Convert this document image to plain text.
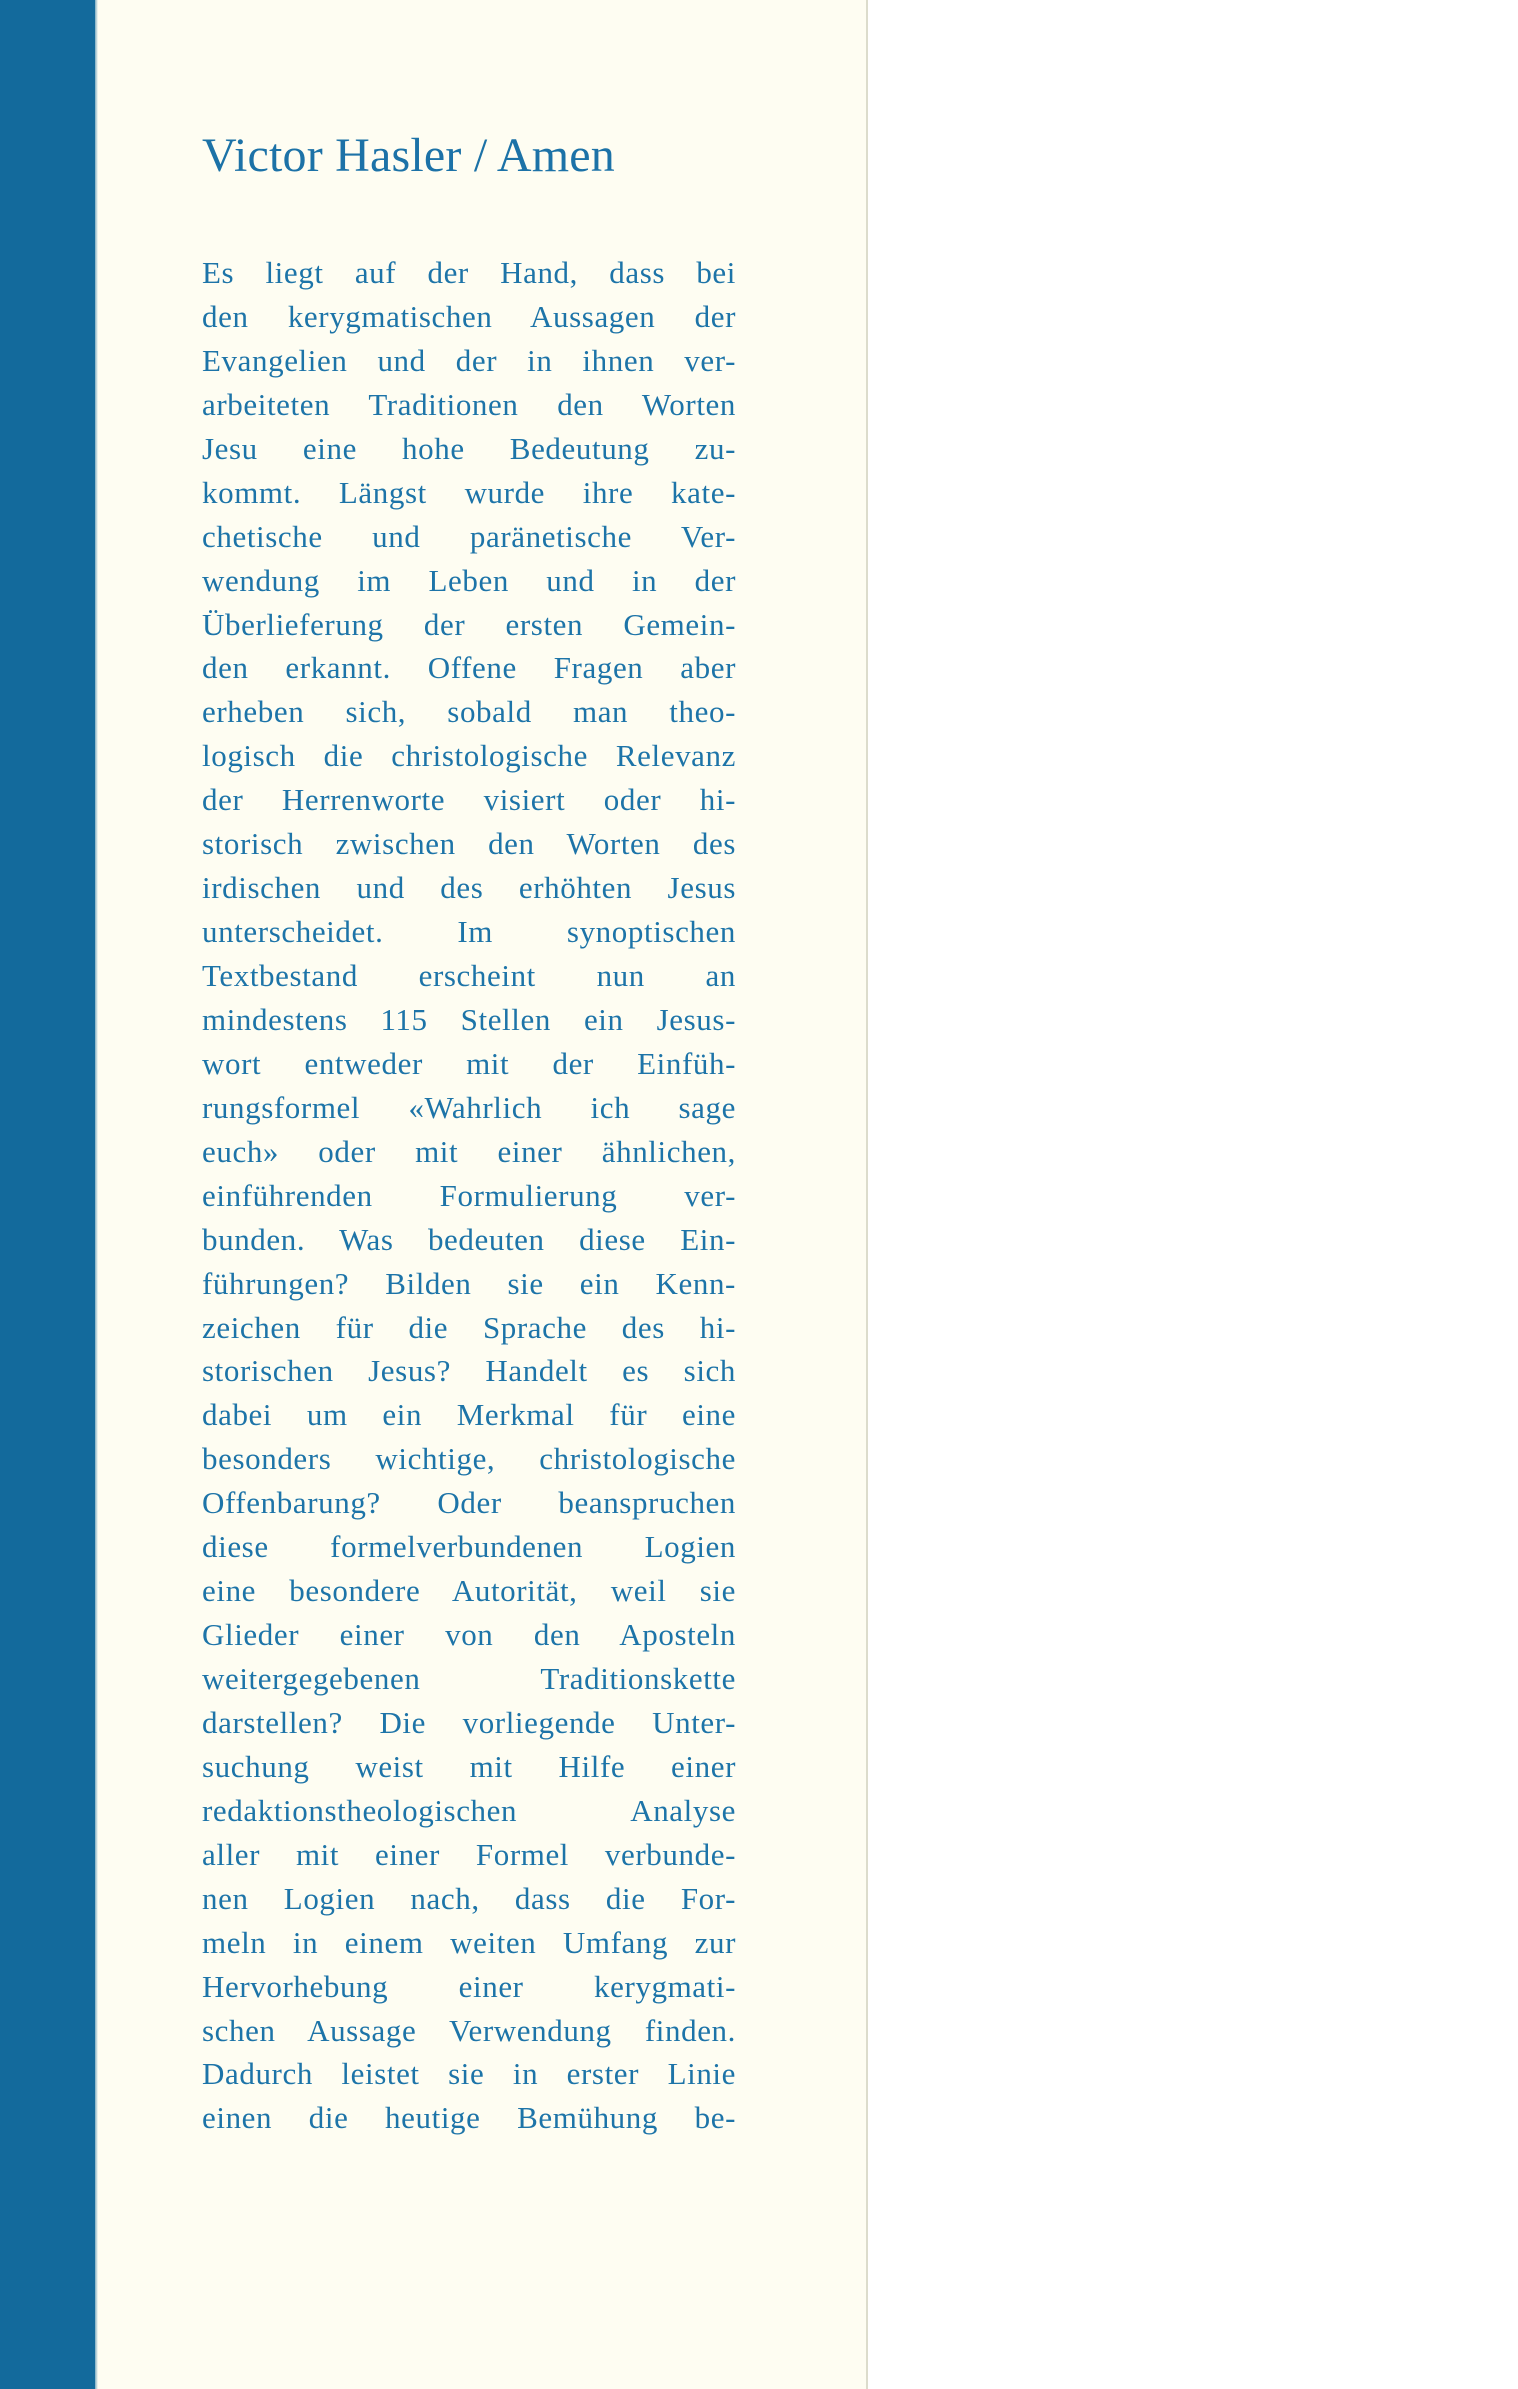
Victor Hasler / Amen
Es liegt auf der Hand, dass bei
den kerygmatischen Aussagen der
Evangelien und der in ihnen ver-
arbeiteten Traditionen den Worten
Jesu eine hohe Bedeutung zu-
kommt. Längst wurde ihre kate-
chetische und paränetische Ver-
wendung im Leben und in der
Überlieferung der ersten Gemein-
den erkannt. Offene Fragen aber
erheben sich, sobald man theo-
logisch die christologische Relevanz
der Herrenworte visiert oder hi-
storisch zwischen den Worten des
irdischen und des erhöhten Jesus
unterscheidet. Im synoptischen
Textbestand erscheint nun an
mindestens 115 Stellen ein Jesus-
wort entweder mit der Einfüh-
rungsformel «Wahrlich ich sage
euch» oder mit einer ähnlichen,
einführenden Formulierung ver-
bunden. Was bedeuten diese Ein-
führungen? Bilden sie ein Kenn-
zeichen für die Sprache des hi-
storischen Jesus? Handelt es sich
dabei um ein Merkmal für eine
besonders wichtige, christologische
Offenbarung? Oder beanspruchen
diese formelverbundenen Logien
eine besondere Autorität, weil sie
Glieder einer von den Aposteln
weitergegebenen Traditionskette
darstellen? Die vorliegende Unter-
suchung weist mit Hilfe einer
redaktionstheologischen Analyse
aller mit einer Formel verbunde-
nen Logien nach, dass die For-
meln in einem weiten Umfang zur
Hervorhebung einer kerygmati-
schen Aussage Verwendung finden.
Dadurch leistet sie in erster Linie
einen die heutige Bemühung be-
